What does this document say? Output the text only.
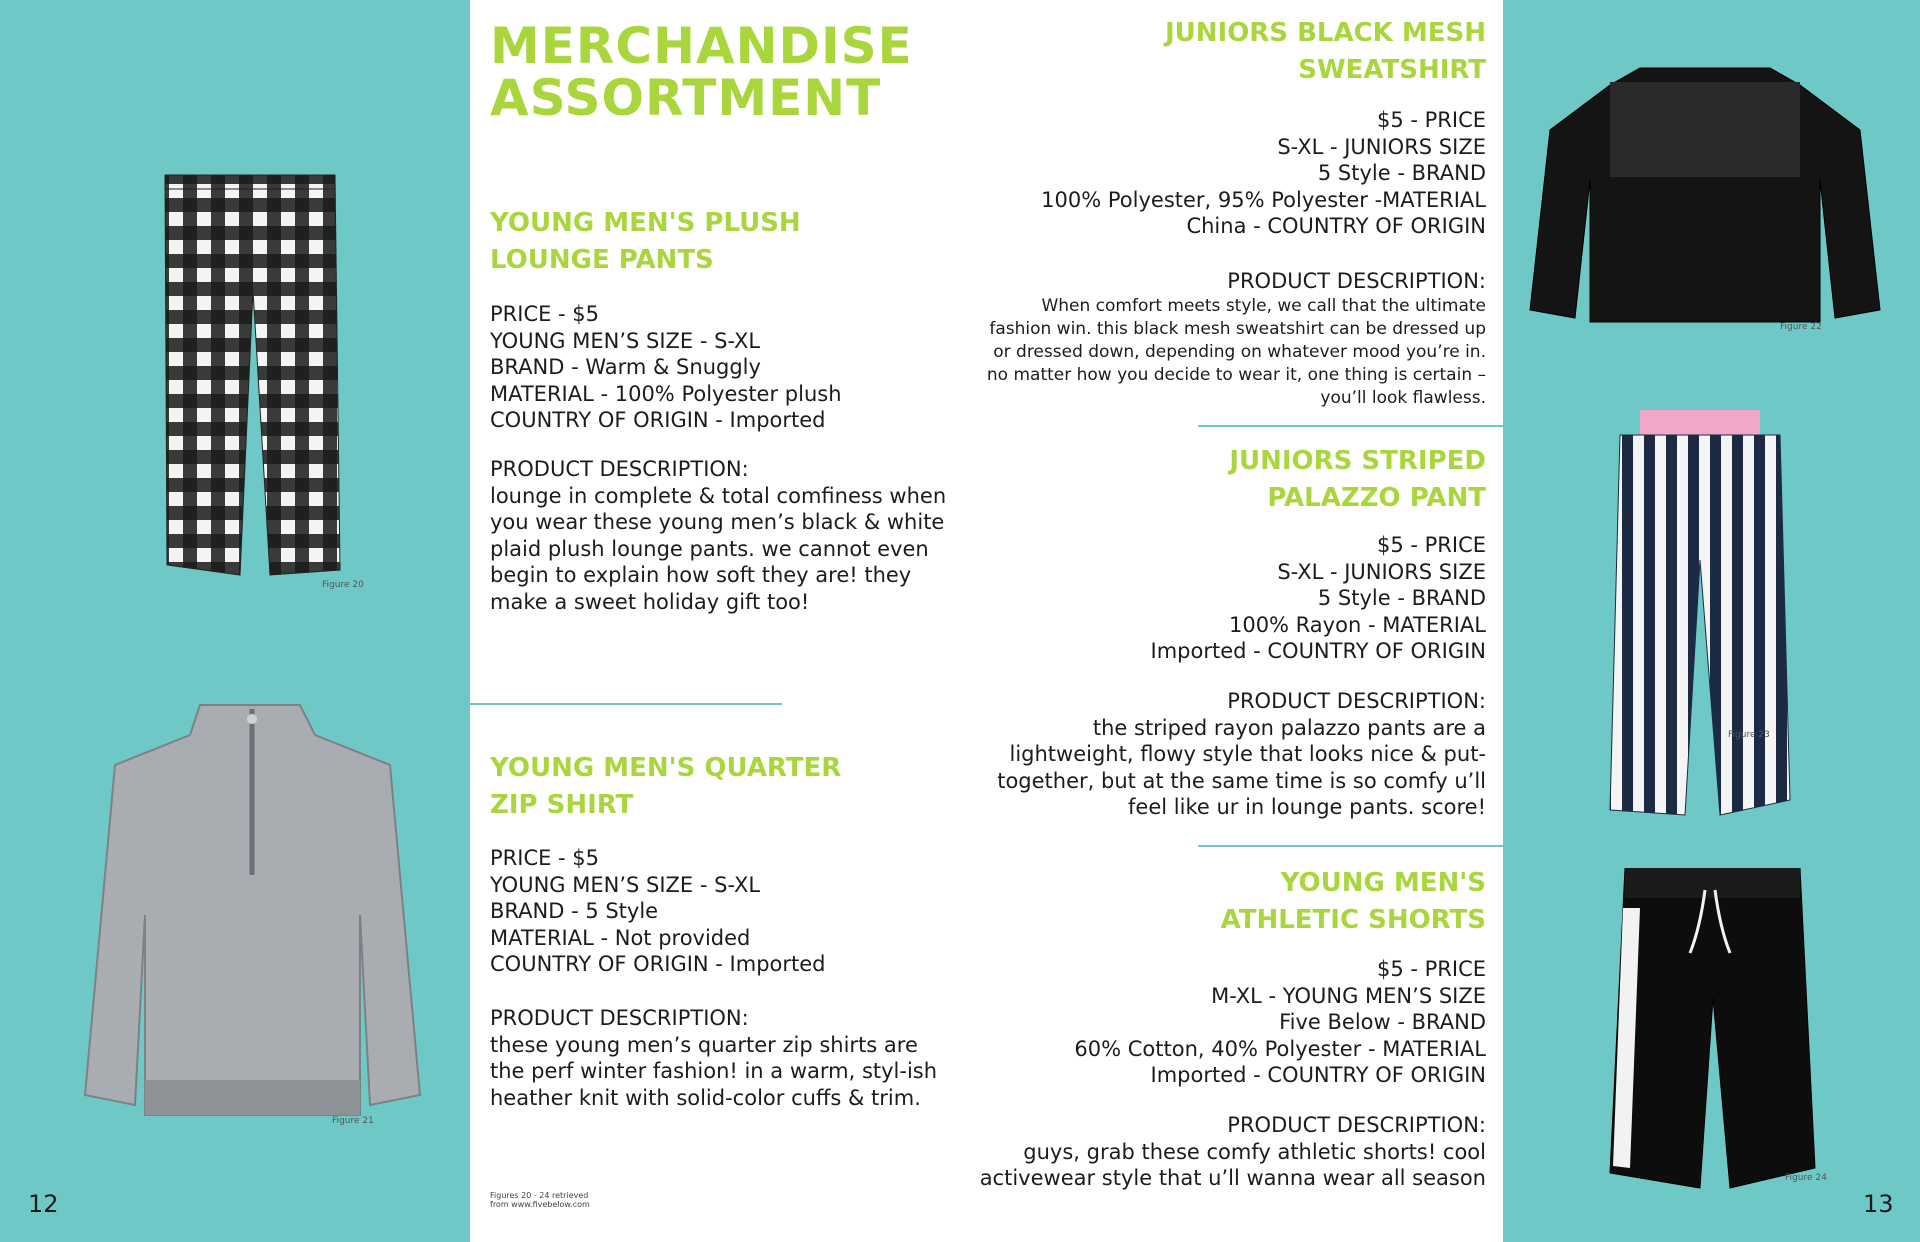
Figure 20
Figure 21
Figure 22
Figure 23
Figure 24
MERCHANDISE ASSORTMENT
YOUNG MEN'S PLUSH
LOUNGE PANTS
PRICE - $5
YOUNG MEN’S SIZE - S-XL
BRAND - Warm & Snuggly
MATERIAL - 100% Polyester plush
COUNTRY OF ORIGIN - Imported
PRODUCT DESCRIPTION:
lounge in complete & total comfiness when you wear these young men’s black & white plaid plush lounge pants. we cannot even begin to explain how soft they are! they make a sweet holiday gift too!
YOUNG MEN'S QUARTER
ZIP SHIRT
PRICE - $5
YOUNG MEN’S SIZE - S-XL
BRAND - 5 Style
MATERIAL - Not provided
COUNTRY OF ORIGIN - Imported
PRODUCT DESCRIPTION:
these young men’s quarter zip shirts are the perf winter fashion! in a warm, styl-ish heather knit with solid-color cuffs & trim.
Figures 20 - 24 retrieved from www.fivebelow.com
JUNIORS BLACK MESH
SWEATSHIRT
$5 - PRICE
S-XL - JUNIORS SIZE
5 Style - BRAND
100% Polyester, 95% Polyester -MATERIAL
China - COUNTRY OF ORIGIN
PRODUCT DESCRIPTION:
When comfort meets style, we call that the ultimate fashion win. this black mesh sweatshirt can be dressed up or dressed down, depending on whatever mood you’re in. no matter how you decide to wear it, one thing is certain – you’ll look flawless.
JUNIORS STRIPED
PALAZZO PANT
$5 - PRICE
S-XL - JUNIORS SIZE
5 Style - BRAND
100% Rayon - MATERIAL
Imported - COUNTRY OF ORIGIN
PRODUCT DESCRIPTION:
the striped rayon palazzo pants are a lightweight, flowy style that looks nice & put-together, but at the same time is so comfy u’ll feel like ur in lounge pants. score!
YOUNG MEN'S
ATHLETIC SHORTS
$5 - PRICE
M-XL - YOUNG MEN’S SIZE
Five Below - BRAND
60% Cotton, 40% Polyester - MATERIAL
Imported - COUNTRY OF ORIGIN
PRODUCT DESCRIPTION:
guys, grab these comfy athletic shorts! cool activewear style that u’ll wanna wear all season
12	13
